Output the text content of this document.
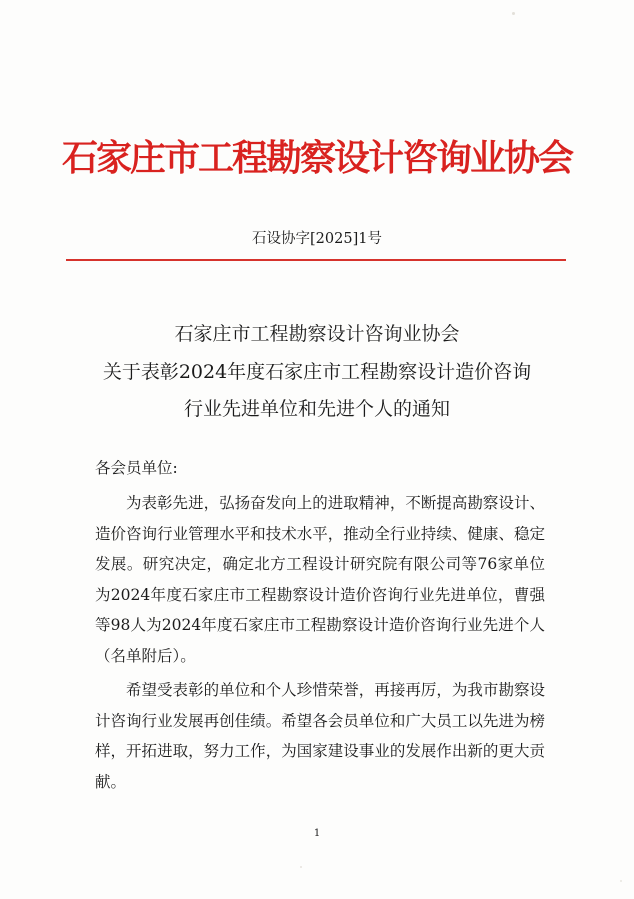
石家庄市工程勘察设计咨询业协会
石设协字[2025]1号
石家庄市工程勘察设计咨询业协会
关于表彰2024年度石家庄市工程勘察设计造价咨询
行业先进单位和先进个人的通知
各会员单位:

为表彰先进，弘扬奋发向上的进取精神，不断提高勘察设计、造价咨询行业管理水平和技术水平，推动全行业持续、健康、稳定发展。研究决定，确定北方工程设计研究院有限公司等76家单位为2024年度石家庄市工程勘察设计造价咨询行业先进单位，曹强等98人为2024年度石家庄市工程勘察设计造价咨询行业先进个人（名单附后）。

希望受表彰的单位和个人珍惜荣誉，再接再厉，为我市勘察设计咨询行业发展再创佳绩。希望各会员单位和广大员工以先进为榜样，开拓进取，努力工作，为国家建设事业的发展作出新的更大贡献。

1
